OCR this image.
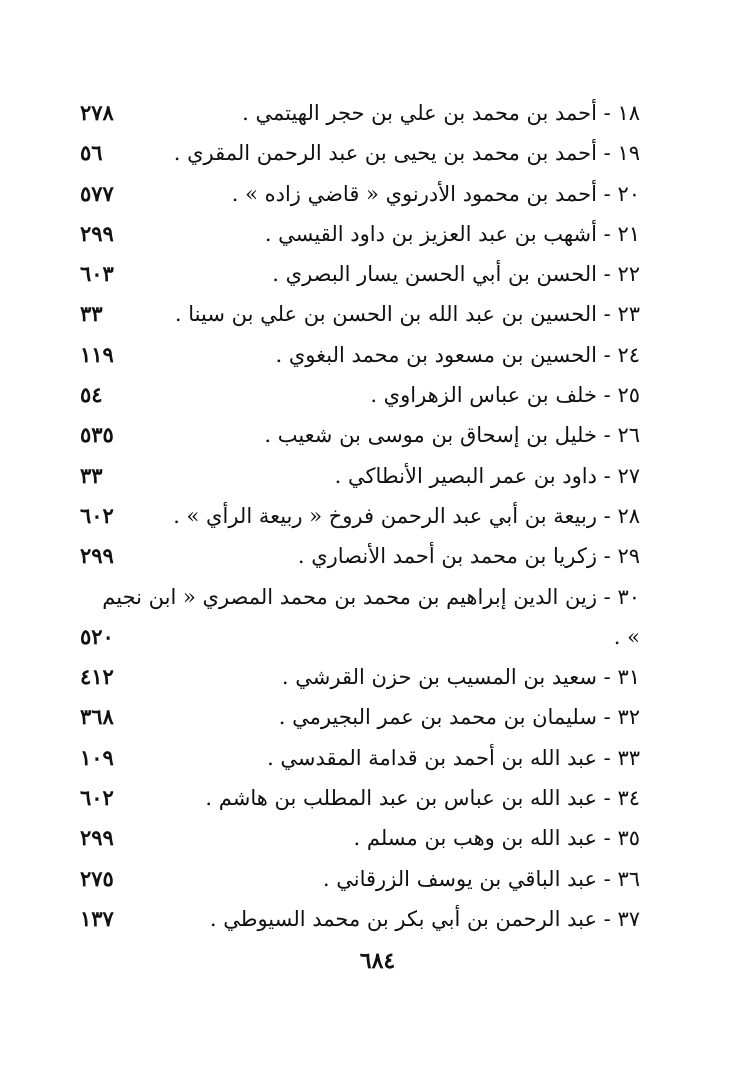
١٨ - أحمد بن محمد بن علي بن حجر الهيتمي .
٢٧٨
١٩ - أحمد بن محمد بن يحيى بن عبد الرحمن المقري .
٥٦
٢٠ - أحمد بن محمود الأدرنوي « قاضي زاده » .
٥٧٧
٢١ - أشهب بن عبد العزيز بن داود القيسي .
٢٩٩
٢٢ - الحسن بن أبي الحسن يسار البصري .
٦٠٣
٢٣ - الحسين بن عبد الله بن الحسن بن علي بن سينا .
٣٣
٢٤ - الحسين بن مسعود بن محمد البغوي .
١١٩
٢٥ - خلف بن عباس الزهراوي .
٥٤
٢٦ - خليل بن إسحاق بن موسى بن شعيب .
٥٣٥
٢٧ - داود بن عمر البصير الأنطاكي .
٣٣
٢٨ - ربيعة بن أبي عبد الرحمن فروخ « ربيعة الرأي » .
٦٠٢
٢٩ - زكريا بن محمد بن أحمد الأنصاري .
٢٩٩
٣٠ - زين الدين إبراهيم بن محمد بن محمد المصري « ابن نجيم » .
٥٢٠
٣١ - سعيد بن المسيب بن حزن القرشي .
٤١٢
٣٢ - سليمان بن محمد بن عمر البجيرمي .
٣٦٨
٣٣ - عبد الله بن أحمد بن قدامة المقدسي .
١٠٩
٣٤ - عبد الله بن عباس بن عبد المطلب بن هاشم .
٦٠٢
٣٥ - عبد الله بن وهب بن مسلم .
٢٩٩
٣٦ - عبد الباقي بن يوسف الزرقاني .
٢٧٥
٣٧ - عبد الرحمن بن أبي بكر بن محمد السيوطي .
١٣٧
٦٨٤
